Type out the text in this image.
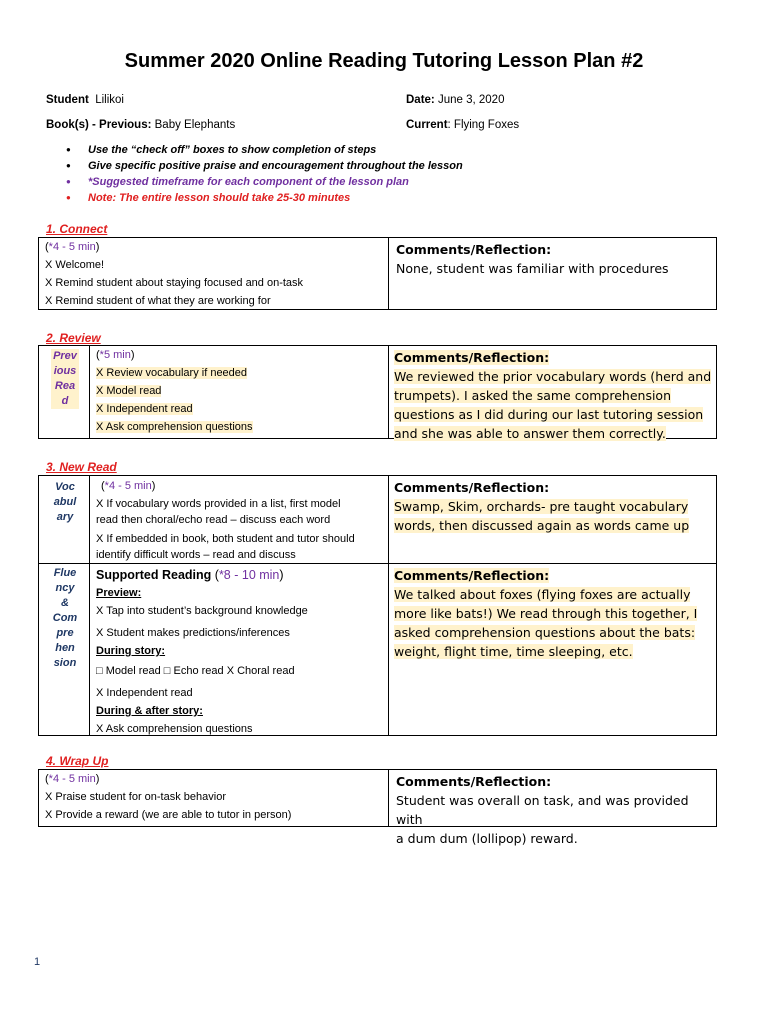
Summer 2020 Online Reading Tutoring Lesson Plan #2
Student Lilikoi	Date: June 3, 2020
Book(s) - Previous: Baby Elephants	Current: Flying Foxes
● Use the “check off” boxes to show completion of steps
● Give specific positive praise and encouragement throughout the lesson
● *Suggested timeframe for each component of the lesson plan
● Note: The entire lesson should take 25-30 minutes
1. Connect
(*4 - 5 min)
X Welcome!
X Remind student about staying focused and on-task
X Remind student of what they are working for
Comments/Reflection:
None, student was familiar with procedures
2. Review
Prev
ious
Rea
d
(*5 min)
X Review vocabulary if needed
X Model read
X Independent read
X Ask comprehension questions
Comments/Reflection:
We reviewed the prior vocabulary words (herd and
trumpets). I asked the same comprehension
questions as I did during our last tutoring session
and she was able to answer them correctly.
3. New Read
Voc
abul
ary
(*4 - 5 min)
X If vocabulary words provided in a list, first model
read then choral/echo read – discuss each word
X If embedded in book, both student and tutor should
identify difficult words – read and discuss
Comments/Reflection:
Swamp, Skim, orchards- pre taught vocabulary
words, then discussed again as words came up
Flue
ncy
&
Com
pre
hen
sion
Supported Reading (*8 - 10 min)
Preview:
X Tap into student’s background knowledge
X Student makes predictions/inferences
During story:
□ Model read □ Echo read X Choral read
X Independent read
During & after story:
X Ask comprehension questions
Comments/Reflection:
We talked about foxes (flying foxes are actually
more like bats!) We read through this together, I
asked comprehension questions about the bats:
weight, flight time, time sleeping, etc.
4. Wrap Up
(*4 - 5 min)
X Praise student for on-task behavior
X Provide a reward (we are able to tutor in person)
Comments/Reflection:
Student was overall on task, and was provided with
a dum dum (lollipop) reward.
1
